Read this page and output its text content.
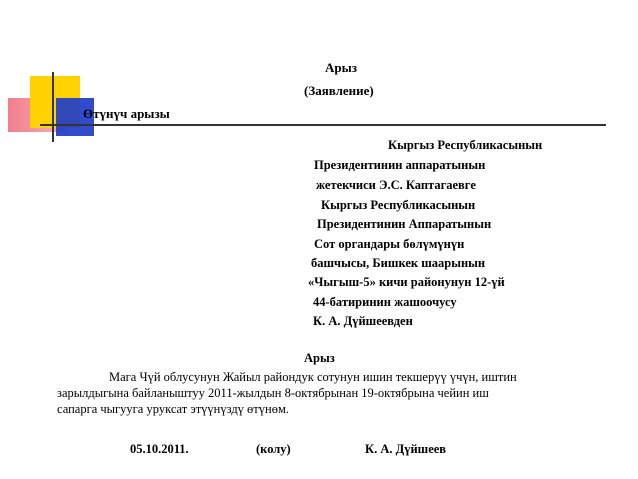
Арыз
(Заявление)
Өтүнүч арызы
Кыргыз Республикасынын
Президентинин аппаратынын
жетекчиси Э.С. Каптагаевге
Кыргыз Республикасынын
Президентинин Аппаратынын
Сот органдары бөлүмүнүн
башчысы, Бишкек шаарынын
«Чыгыш-5» кичи районунун 12-үй
44-батиринин жашоочусу
К. А. Дүйшеевден
Арыз
Мага Чүй облусунун Жайыл райондук сотунун ишин текшерүү үчүн, иштин
зарылдыгына байланыштуу 2011-жылдын 8-октябрынан 19-октябрына чейин иш
сапарга чыгууга уруксат этүүнүздү өтүнөм.
05.10.2011.	(колу)	К. А. Дүйшеев
